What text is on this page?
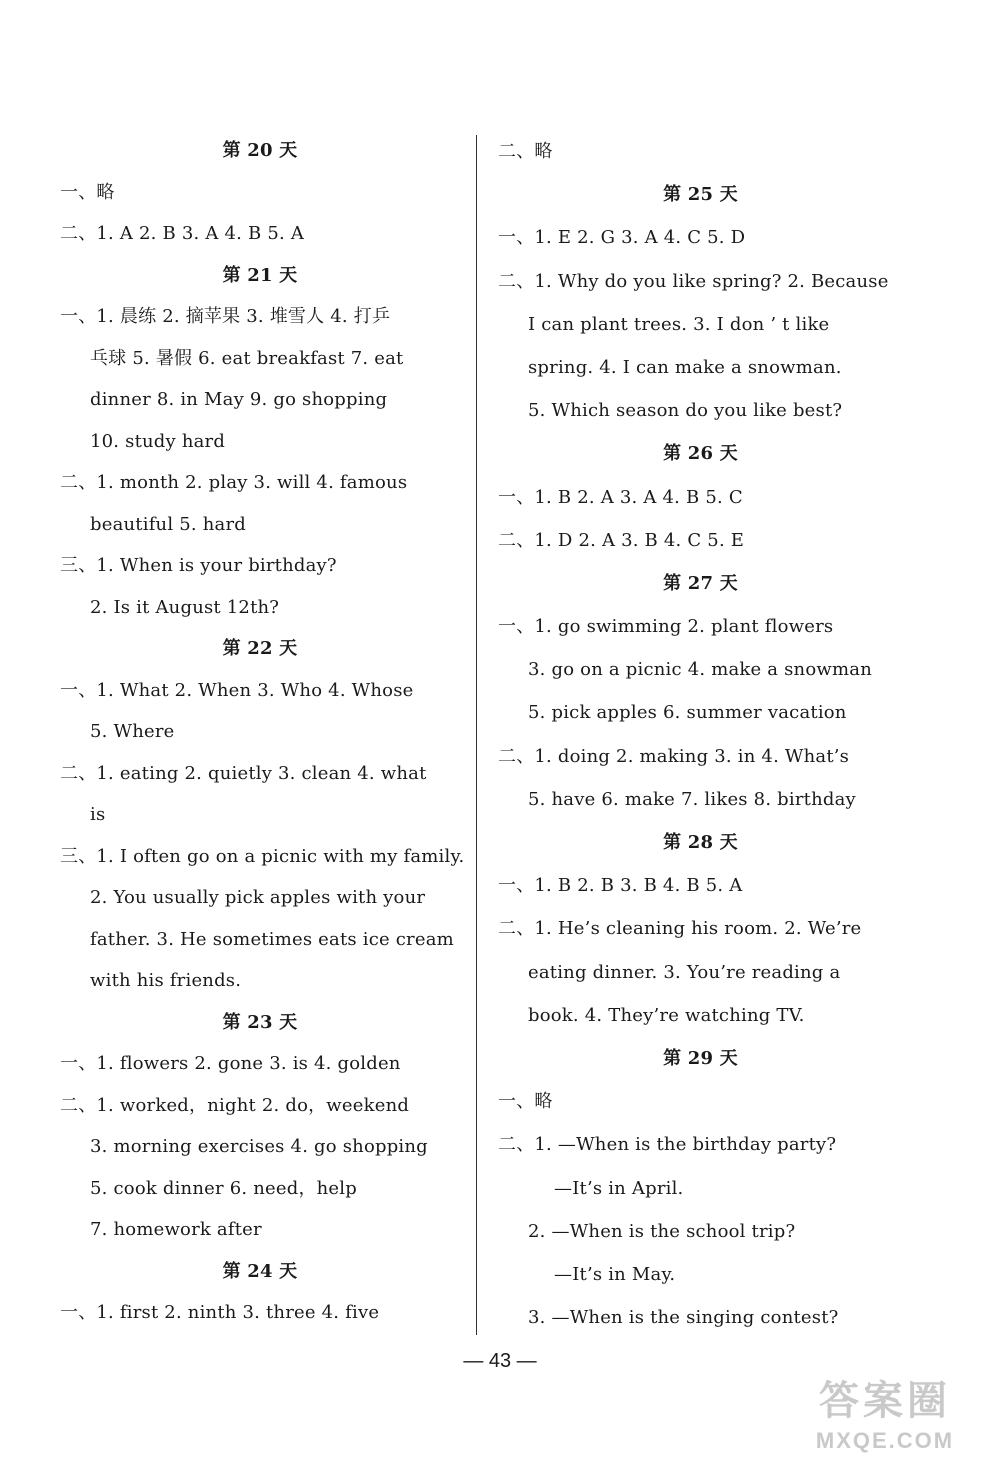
第 20 天
一、略
二、1. A 2. B 3. A 4. B 5. A
第 21 天
一、1. 晨练 2. 摘苹果 3. 堆雪人 4. 打乒
乓球 5. 暑假 6. eat breakfast 7. eat
dinner 8. in May 9. go shopping
10. study hard
二、1. month 2. play 3. will 4. famous
beautiful 5. hard
三、1. When is your birthday?
2. Is it August 12th?
第 22 天
一、1. What 2. When 3. Who 4. Whose
5. Where
二、1. eating 2. quietly 3. clean 4. what
is
三、1. I often go on a picnic with my family.
2. You usually pick apples with your
father. 3. He sometimes eats ice cream
with his friends.
第 23 天
一、1. flowers 2. gone 3. is 4. golden
二、1. worked，night 2. do，weekend
3. morning exercises 4. go shopping
5. cook dinner 6. need，help
7. homework after
第 24 天
一、1. first 2. ninth 3. three 4. five
二、略
第 25 天
一、1. E 2. G 3. A 4. C 5. D
二、1. Why do you like spring? 2. Because
I can plant trees. 3. I don ’ t like
spring. 4. I can make a snowman.
5. Which season do you like best?
第 26 天
一、1. B 2. A 3. A 4. B 5. C
二、1. D 2. A 3. B 4. C 5. E
第 27 天
一、1. go swimming 2. plant flowers
3. go on a picnic 4. make a snowman
5. pick apples 6. summer vacation
二、1. doing 2. making 3. in 4. What’s
5. have 6. make 7. likes 8. birthday
第 28 天
一、1. B 2. B 3. B 4. B 5. A
二、1. He’s cleaning his room. 2. We’re
eating dinner. 3. You’re reading a
book. 4. They’re watching TV.
第 29 天
一、略
二、1. —When is the birthday party?
—It’s in April.
2. —When is the school trip?
—It’s in May.
3. —When is the singing contest?
— 43 —
答案圈
MXQE.COM
